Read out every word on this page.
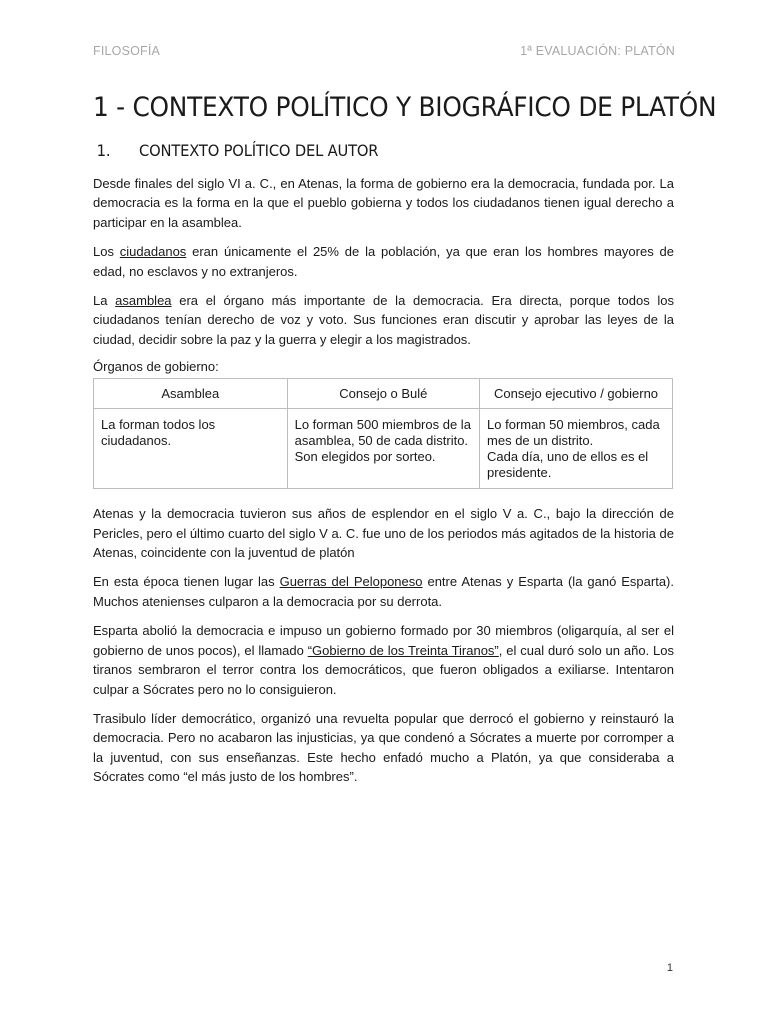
FILOSOFÍA	1ª EVALUACIÓN: PLATÓN
1 - CONTEXTO POLÍTICO Y BIOGRÁFICO DE PLATÓN
1.	CONTEXTO POLÍTICO DEL AUTOR

Desde finales del siglo VI a. C., en Atenas, la forma de gobierno era la democracia, fundada por. La democracia es la forma en la que el pueblo gobierna y todos los ciudadanos tienen igual derecho a participar en la asamblea.

Los ciudadanos eran únicamente el 25% de la población, ya que eran los hombres mayores de edad, no esclavos y no extranjeros.

La asamblea era el órgano más importante de la democracia. Era directa, porque todos los ciudadanos tenían derecho de voz y voto. Sus funciones eran discutir y aprobar las leyes de la ciudad, decidir sobre la paz y la guerra y elegir a los magistrados.

Órganos de gobierno:
Asamblea	Consejo o Bulé	Consejo ejecutivo / gobierno
La forman todos los ciudadanos.	Lo forman 500 miembros de la asamblea, 50 de cada distrito. Son elegidos por sorteo.	Lo forman 50 miembros, cada mes de un distrito.
Cada día, uno de ellos es el presidente.

Atenas y la democracia tuvieron sus años de esplendor en el siglo V a. C., bajo la dirección de Pericles, pero el último cuarto del siglo V a. C. fue uno de los periodos más agitados de la historia de Atenas, coincidente con la juventud de platón

En esta época tienen lugar las Guerras del Peloponeso entre Atenas y Esparta (la ganó Esparta). Muchos atenienses culparon a la democracia por su derrota.

Esparta abolió la democracia e impuso un gobierno formado por 30 miembros (oligarquía, al ser el gobierno de unos pocos), el llamado “Gobierno de los Treinta Tiranos”, el cual duró solo un año. Los tiranos sembraron el terror contra los democráticos, que fueron obligados a exiliarse. Intentaron culpar a Sócrates pero no lo consiguieron.

Trasibulo líder democrático, organizó una revuelta popular que derrocó el gobierno y reinstauró la democracia. Pero no acabaron las injusticias, ya que condenó a Sócrates a muerte por corromper a la juventud, con sus enseñanzas. Este hecho enfadó mucho a Platón, ya que consideraba a Sócrates como “el más justo de los hombres”.

1
